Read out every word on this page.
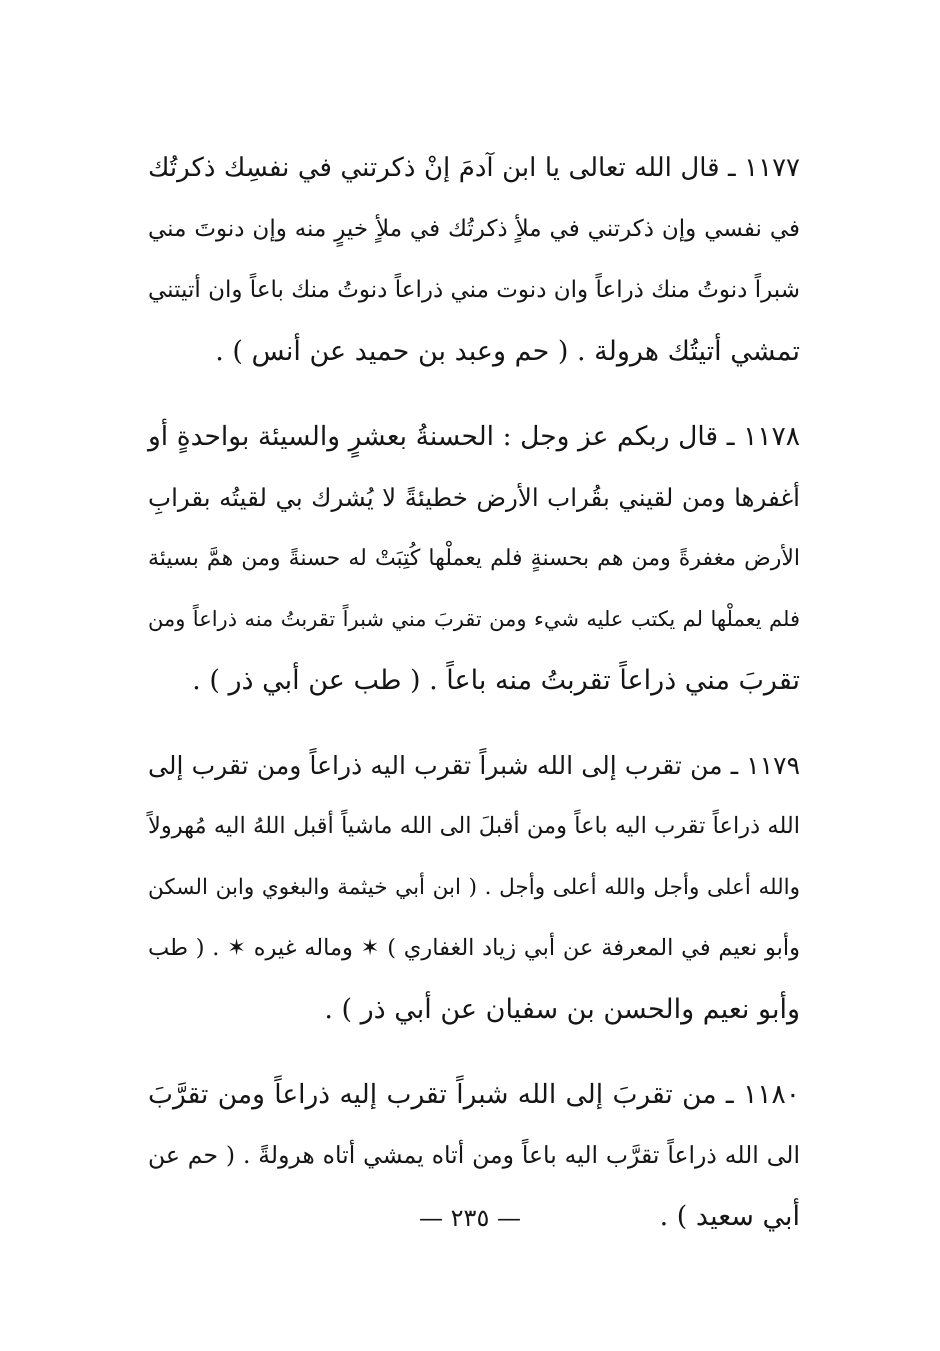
١١٧٧ ـ قال الله تعالى يا ابن آدمَ إنْ ذكرتني في نفسِك ذكرتُك
في نفسي وإن ذكرتني في ملأٍ ذكرتُك في ملأٍ خيرٍ منه وإن دنوتَ مني
شبراً دنوتُ منك ذراعاً وان دنوت مني ذراعاً دنوتُ منك باعاً وان أتيتني
تمشي أتيتُك هرولة . ( حم وعبد بن حميد عن أنس ) .
١١٧٨ ـ قال ربكم عز وجل : الحسنةُ بعشرٍ والسيئة بواحدةٍ أو
أغفرها ومن لقيني بقُراب الأرض خطيئةً لا يُشرك بي لقيتُه بقرابِ
الأرض مغفرةً ومن هم بحسنةٍ فلم يعملْها كُتِبَتْ له حسنةً ومن همَّ بسيئة
فلم يعملْها لم يكتب عليه شيء ومن تقربَ مني شبراً تقربتُ منه ذراعاً ومن
تقربَ مني ذراعاً تقربتُ منه باعاً . ( طب عن أبي ذر ) .
١١٧٩ ـ من تقرب إلى الله شبراً تقرب اليه ذراعاً ومن تقرب إلى
الله ذراعاً تقرب اليه باعاً ومن أقبلَ الى الله ماشياً أقبل اللهُ اليه مُهرولاً
والله أعلى وأجل والله أعلى وأجل . ( ابن أبي خيثمة والبغوي وابن السكن
وأبو نعيم في المعرفة عن أبي زياد الغفاري ) ✶ وماله غيره ✶ . ( طب
وأبو نعيم والحسن بن سفيان عن أبي ذر ) .
١١٨٠ ـ من تقربَ إلى الله شبراً تقرب إليه ذراعاً ومن تقرَّبَ
الى الله ذراعاً تقرَّب اليه باعاً ومن أتاه يمشي أتاه هرولةً . ( حم عن
أبي سعيد ) .
— ٢٣٥ —
